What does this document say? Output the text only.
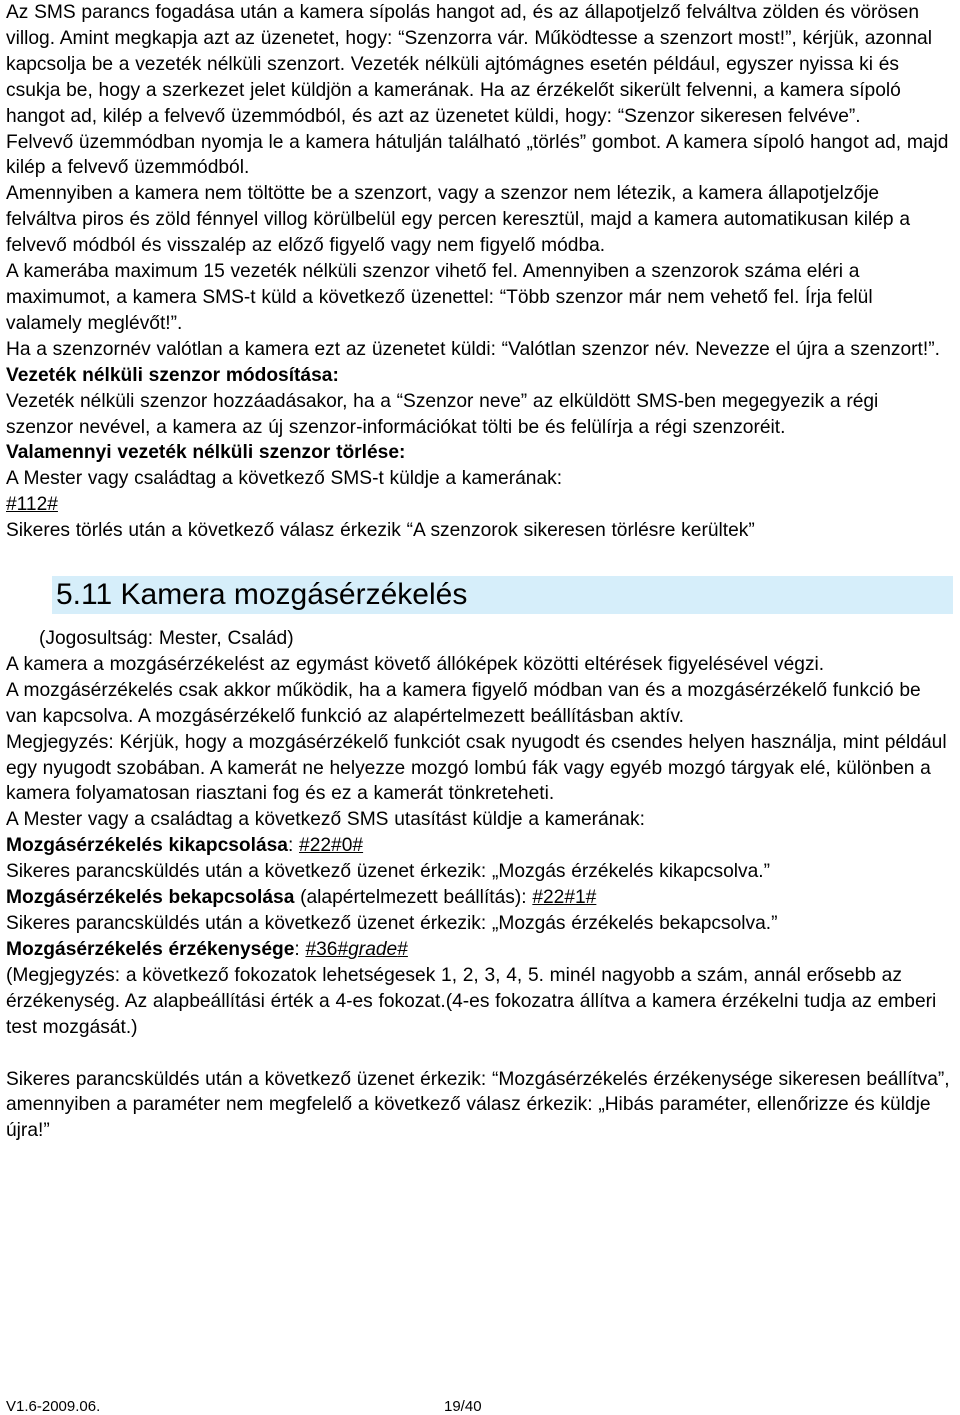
Az SMS parancs fogadása után a kamera sípolás hangot ad, és az állapotjelző felváltva zölden és vörösen villog. Amint megkapja azt az üzenetet, hogy: “Szenzorra vár. Működtesse a szenzort most!”, kérjük, azonnal kapcsolja be a vezeték nélküli szenzort. Vezeték nélküli ajtómágnes esetén például, egyszer nyissa ki és csukja be, hogy a szerkezet jelet küldjön a kamerának. Ha az érzékelőt sikerült felvenni, a kamera sípoló hangot ad, kilép a felvevő üzemmódból, és azt az üzenetet küldi, hogy: “Szenzor sikeresen felvéve”.

Felvevő üzemmódban nyomja le a kamera hátulján található „törlés” gombot. A kamera sípoló hangot ad, majd kilép a felvevő üzemmódból.

Amennyiben a kamera nem töltötte be a szenzort, vagy a szenzor nem létezik, a kamera állapotjelzője felváltva piros és zöld fénnyel villog körülbelül egy percen keresztül, majd a kamera automatikusan kilép a felvevő módból és visszalép az előző figyelő vagy nem figyelő módba.

A kamerába maximum 15 vezeték nélküli szenzor vihető fel. Amennyiben a szenzorok száma eléri a maximumot, a kamera SMS-t küld a következő üzenettel: “Több szenzor már nem vehető fel. Írja felül valamely meglévőt!”.

Ha a szenzornév valótlan a kamera ezt az üzenetet küldi: “Valótlan szenzor név. Nevezze el újra a szenzort!”.

Vezeték nélküli szenzor módosítása:

Vezeték nélküli szenzor hozzáadásakor, ha a “Szenzor neve” az elküldött SMS-ben megegyezik a régi szenzor nevével, a kamera az új szenzor-információkat tölti be és felülírja a régi szenzoréit.

Valamennyi vezeték nélküli szenzor törlése:

A Mester vagy családtag a következő SMS-t küldje a kamerának:

#112#

Sikeres törlés után a következő válasz érkezik “A szenzorok sikeresen törlésre kerültek”

5.11 Kamera mozgásérzékelés

(Jogosultság: Mester, Család)

A kamera a mozgásérzékelést az egymást követő állóképek közötti eltérések figyelésével végzi.

A mozgásérzékelés csak akkor működik, ha a kamera figyelő módban van és a mozgásérzékelő funkció be van kapcsolva. A mozgásérzékelő funkció az alapértelmezett beállításban aktív.

Megjegyzés: Kérjük, hogy a mozgásérzékelő funkciót csak nyugodt és csendes helyen használja, mint például egy nyugodt szobában. A kamerát ne helyezze mozgó lombú fák vagy egyéb mozgó tárgyak elé, különben a kamera folyamatosan riasztani fog és ez a kamerát tönkreteheti.

A Mester vagy a családtag a következő SMS utasítást küldje a kamerának:

Mozgásérzékelés kikapcsolása: #22#0#

Sikeres parancsküldés után a következő üzenet érkezik: „Mozgás érzékelés kikapcsolva.”

Mozgásérzékelés bekapcsolása (alapértelmezett beállítás): #22#1#

Sikeres parancsküldés után a következő üzenet érkezik: „Mozgás érzékelés bekapcsolva.”

Mozgásérzékelés érzékenysége: #36#grade#

(Megjegyzés: a következő fokozatok lehetségesek 1, 2, 3, 4, 5. minél nagyobb a szám, annál erősebb az érzékenység. Az alapbeállítási érték a 4-es fokozat.(4-es fokozatra állítva a kamera érzékelni tudja az emberi test mozgását.)

Sikeres parancsküldés után a következő üzenet érkezik: “Mozgásérzékelés érzékenysége sikeresen beállítva”, amennyiben a paraméter nem megfelelő a következő válasz érkezik: „Hibás paraméter, ellenőrizze és küldje újra!”

V1.6-2009.06.	19/40
